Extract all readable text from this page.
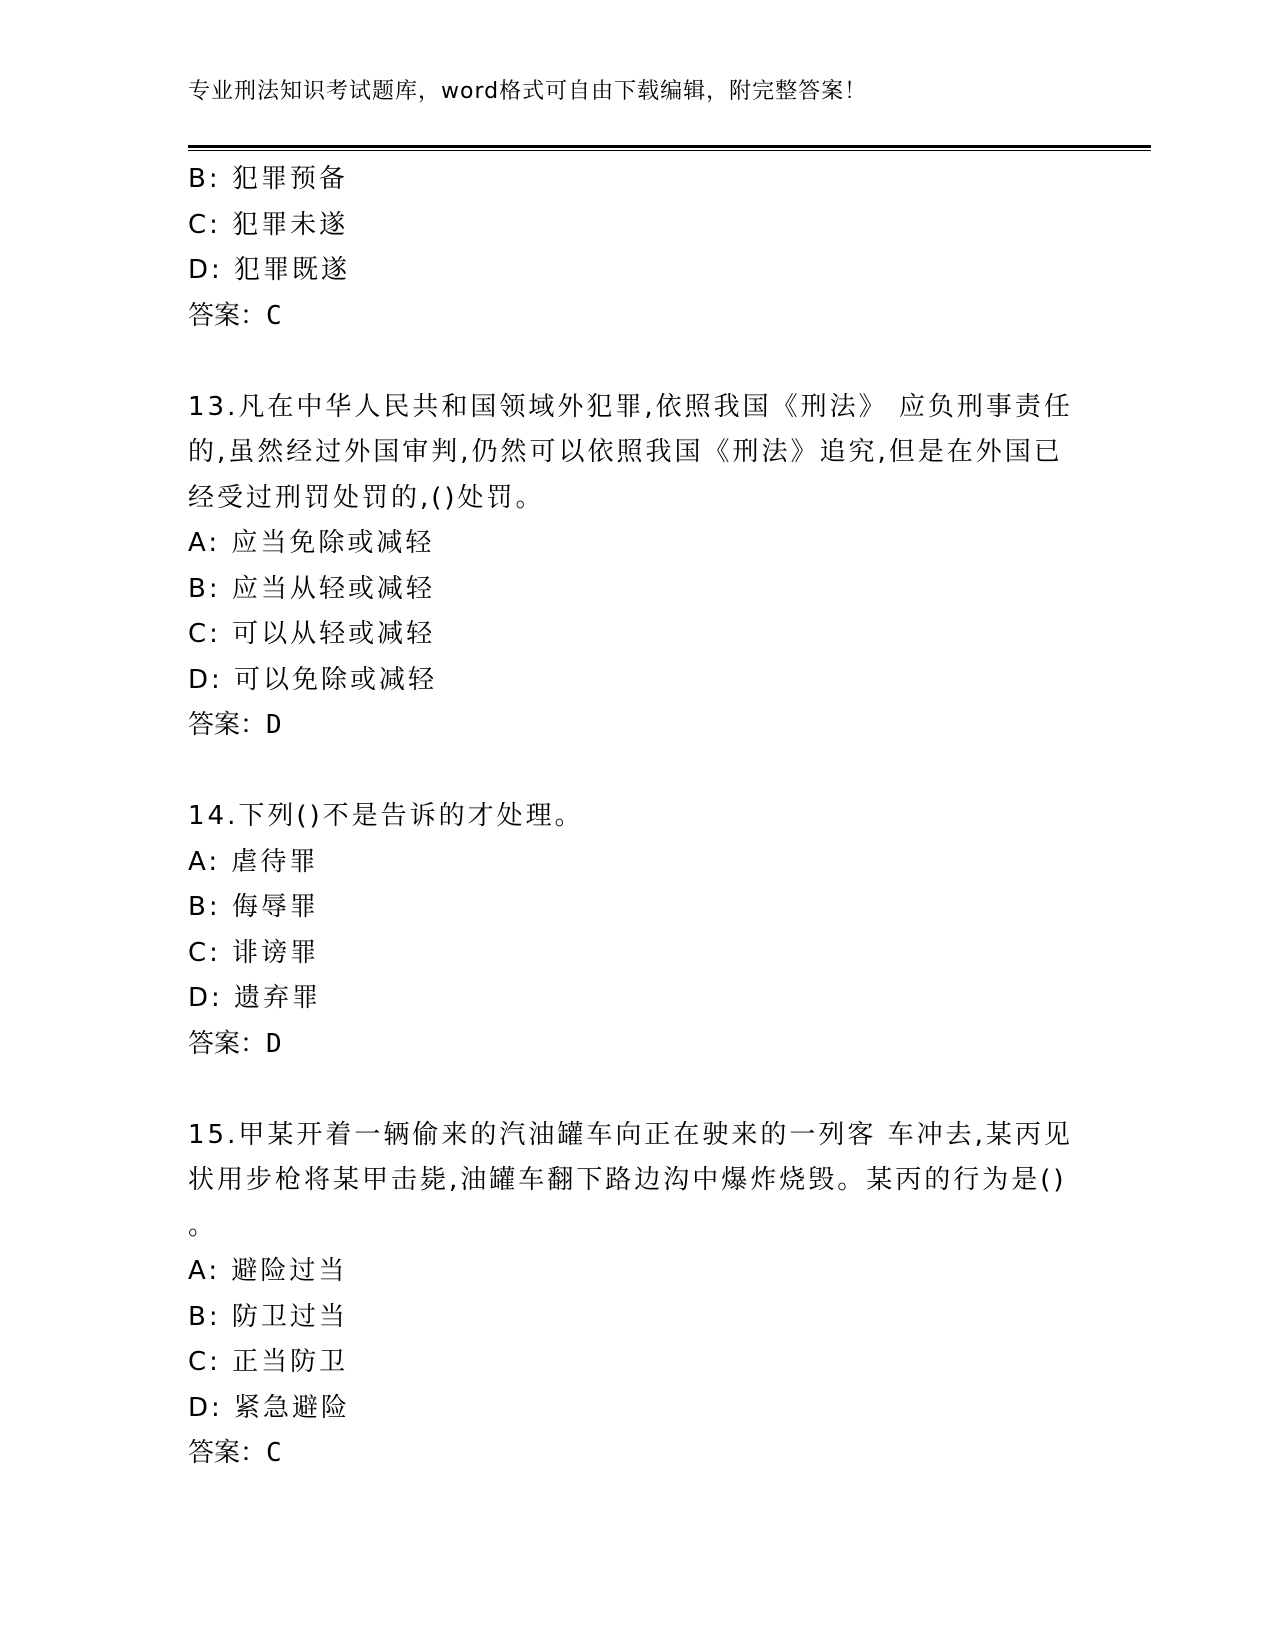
专业刑法知识考试题库，word格式可自由下载编辑，附完整答案！
B: 犯罪预备
C: 犯罪未遂
D: 犯罪既遂
答案：C
13.凡在中华人民共和国领域外犯罪,依照我国《刑法》 应负刑事责任
的,虽然经过外国审判,仍然可以依照我国《刑法》追究,但是在外国已
经受过刑罚处罚的,()处罚。
A: 应当免除或减轻
B: 应当从轻或减轻
C: 可以从轻或减轻
D: 可以免除或减轻
答案：D
14.下列()不是告诉的才处理。
A: 虐待罪
B: 侮辱罪
C: 诽谤罪
D: 遗弃罪
答案：D
15.甲某开着一辆偷来的汽油罐车向正在驶来的一列客 车冲去,某丙见
状用步枪将某甲击毙,油罐车翻下路边沟中爆炸烧毁。某丙的行为是()
。
A: 避险过当
B: 防卫过当
C: 正当防卫
D: 紧急避险
答案：C
